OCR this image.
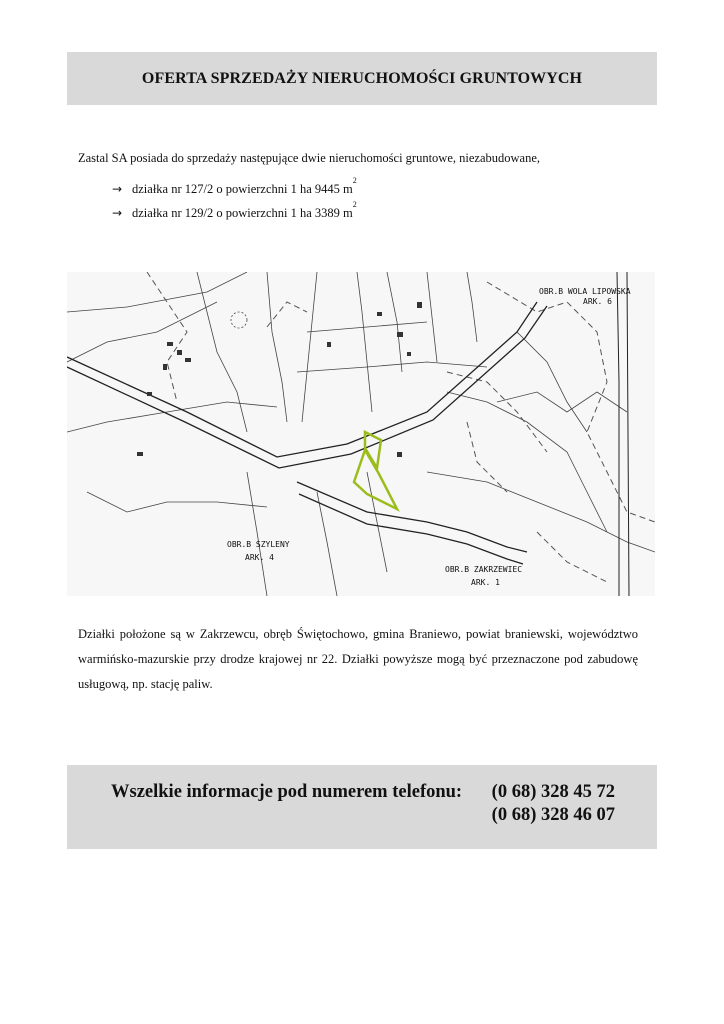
OFERTA SPRZEDAŻY NIERUCHOMOŚCI GRUNTOWYCH

Zastal SA posiada do sprzedaży następujące dwie nieruchomości gruntowe, niezabudowane,

→ działka nr 127/2 o powierzchni 1 ha 9445 m
2
→ działka nr 129/2 o powierzchni 1 ha 3389 m
2
OBR.B WOLA LIPOWSKA
ARK. 6
OBR.B SZYLENY
ARK. 4
OBR.B ZAKRZEWIEC
ARK. 1

Działki położone są w Zakrzewcu, obręb Świętochowo, gmina Braniewo, powiat braniewski, województwo warmińsko-mazurskie przy drodze krajowej nr 22. Działki powyższe mogą być przeznaczone pod zabudowę usługową, np. stację paliw.

Wszelkie informacje pod numerem telefonu: (0 68) 328 45 72
(0 68) 328 46 07
